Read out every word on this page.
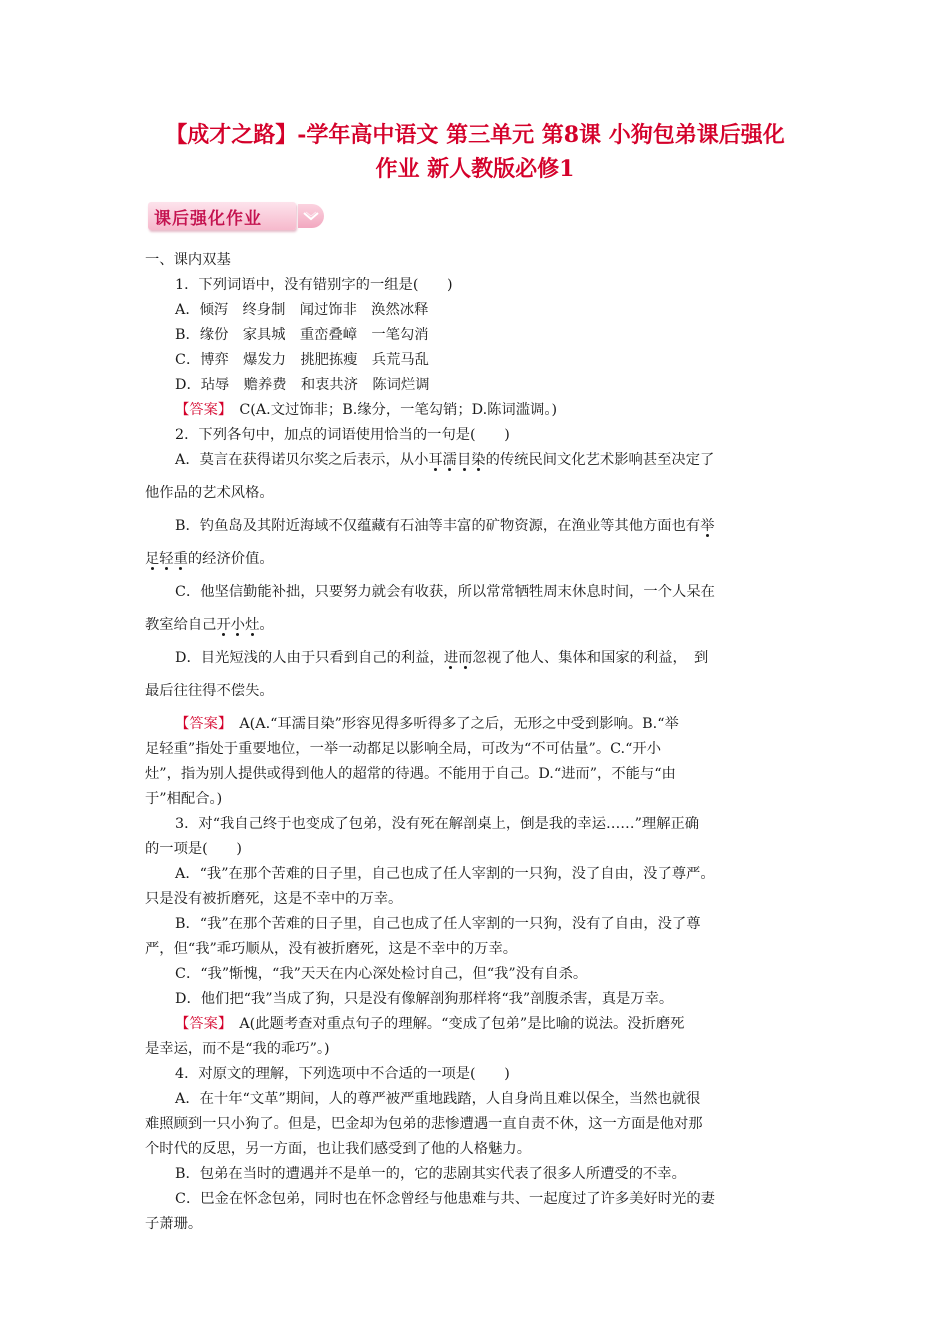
【成才之路】-学年高中语文 第三单元 第8课 小狗包弟课后强化
作业 新人教版必修1
课后强化作业
一、课内双基
1．下列词语中，没有错别字的一组是(　　)
A．倾泻　终身制　闻过饰非　涣然冰释
B．缘份　家具城　重峦叠嶂　一笔勾消
C．博弈　爆发力　挑肥拣瘦　兵荒马乱
D．玷辱　赡养费　和衷共济　陈词烂调
【答案】　C(A.文过饰非；B.缘分，一笔勾销；D.陈词滥调。)
2．下列各句中，加点的词语使用恰当的一句是(　　)
A．莫言在获得诺贝尔奖之后表示，从小耳濡目染的传统民间文化艺术影响甚至决定了
他作品的艺术风格。
B．钓鱼岛及其附近海域不仅蕴藏有石油等丰富的矿物资源，在渔业等其他方面也有举
足轻重的经济价值。
C．他坚信勤能补拙，只要努力就会有收获，所以常常牺牲周末休息时间，一个人呆在
教室给自己开小灶。
D．目光短浅的人由于只看到自己的利益，进而忽视了他人、集体和国家的利益，　到
最后往往得不偿失。
【答案】　A(A.“耳濡目染”形容见得多听得多了之后，无形之中受到影响。B.“举
足轻重”指处于重要地位，一举一动都足以影响全局，可改为“不可估量”。C.“开小
灶”，指为别人提供或得到他人的超常的待遇。不能用于自己。D.“进而”，不能与“由
于”相配合。)
3．对“我自己终于也变成了包弟，没有死在解剖桌上，倒是我的幸运……”理解正确
的一项是(　　)
A．“我”在那个苦难的日子里，自己也成了任人宰割的一只狗，没了自由，没了尊严。
只是没有被折磨死，这是不幸中的万幸。
B．“我”在那个苦难的日子里，自己也成了任人宰割的一只狗，没有了自由，没了尊
严，但“我”乖巧顺从，没有被折磨死，这是不幸中的万幸。
C．“我”惭愧，“我”天天在内心深处检讨自己，但“我”没有自杀。
D．他们把“我”当成了狗，只是没有像解剖狗那样将“我”剖腹杀害，真是万幸。
【答案】　A(此题考查对重点句子的理解。“变成了包弟”是比喻的说法。没折磨死
是幸运，而不是“我的乖巧”。)
4．对原文的理解，下列选项中不合适的一项是(　　)
A．在十年“文革”期间，人的尊严被严重地践踏，人自身尚且难以保全，当然也就很
难照顾到一只小狗了。但是，巴金却为包弟的悲惨遭遇一直自责不休，这一方面是他对那
个时代的反思，另一方面，也让我们感受到了他的人格魅力。
B．包弟在当时的遭遇并不是单一的，它的悲剧其实代表了很多人所遭受的不幸。
C．巴金在怀念包弟，同时也在怀念曾经与他患难与共、一起度过了许多美好时光的妻
子萧珊。
